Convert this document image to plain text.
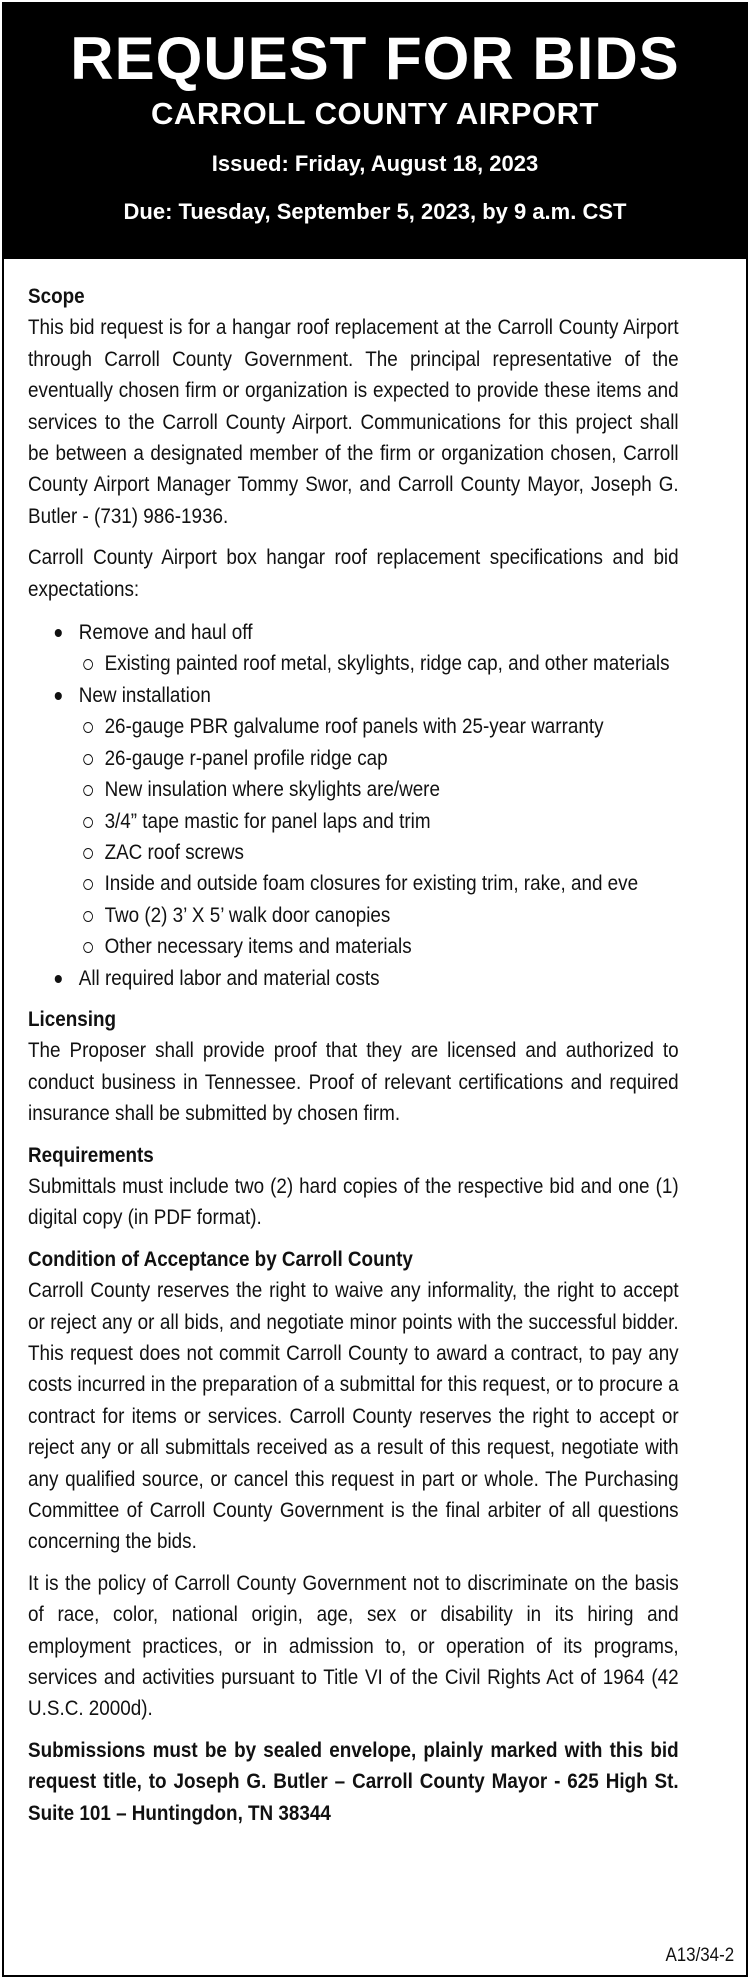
REQUEST FOR BIDS
CARROLL COUNTY AIRPORT
Issued: Friday, August 18, 2023
Due: Tuesday, September 5, 2023, by 9 a.m. CST
Scope

This bid request is for a hangar roof replacement at the Carroll County Airport through Carroll County Government. The principal representative of the eventually chosen firm or organization is expected to provide these items and services to the Carroll County Airport. Communications for this project shall be between a designated member of the firm or organization chosen, Carroll County Airport Manager Tommy Swor, and Carroll County Mayor, Joseph G. Butler - (731) 986-1936.

Carroll County Airport box hangar roof replacement specifications and bid expectations:

Remove and haul off
Existing painted roof metal, skylights, ridge cap, and other materials
New installation
26-gauge PBR galvalume roof panels with 25-year warranty
26-gauge r-panel profile ridge cap
New insulation where skylights are/were
3/4” tape mastic for panel laps and trim
ZAC roof screws
Inside and outside foam closures for existing trim, rake, and eve
Two (2) 3’ X 5’ walk door canopies
Other necessary items and materials
All required labor and material costs
Licensing

The Proposer shall provide proof that they are licensed and authorized to conduct business in Tennessee. Proof of relevant certifications and required insurance shall be submitted by chosen firm.

Requirements

Submittals must include two (2) hard copies of the respective bid and one (1) digital copy (in PDF format).

Condition of Acceptance by Carroll County

Carroll County reserves the right to waive any informality, the right to accept or reject any or all bids, and negotiate minor points with the successful bidder. This request does not commit Carroll County to award a contract, to pay any costs incurred in the preparation of a submittal for this request, or to procure a contract for items or services. Carroll County reserves the right to accept or reject any or all submittals received as a result of this request, negotiate with any qualified source, or cancel this request in part or whole. The Purchasing Committee of Carroll County Government is the final arbiter of all questions concerning the bids.

It is the policy of Carroll County Government not to discriminate on the basis of race, color, national origin, age, sex or disability in its hiring and employment practices, or in admission to, or operation of its programs, services and activities pursuant to Title VI of the Civil Rights Act of 1964 (42 U.S.C. 2000d).

Submissions must be by sealed envelope, plainly marked with this bid request title, to Joseph G. Butler – Carroll County Mayor - 625 High St. Suite 101 – Huntingdon, TN 38344

A13/34-2
